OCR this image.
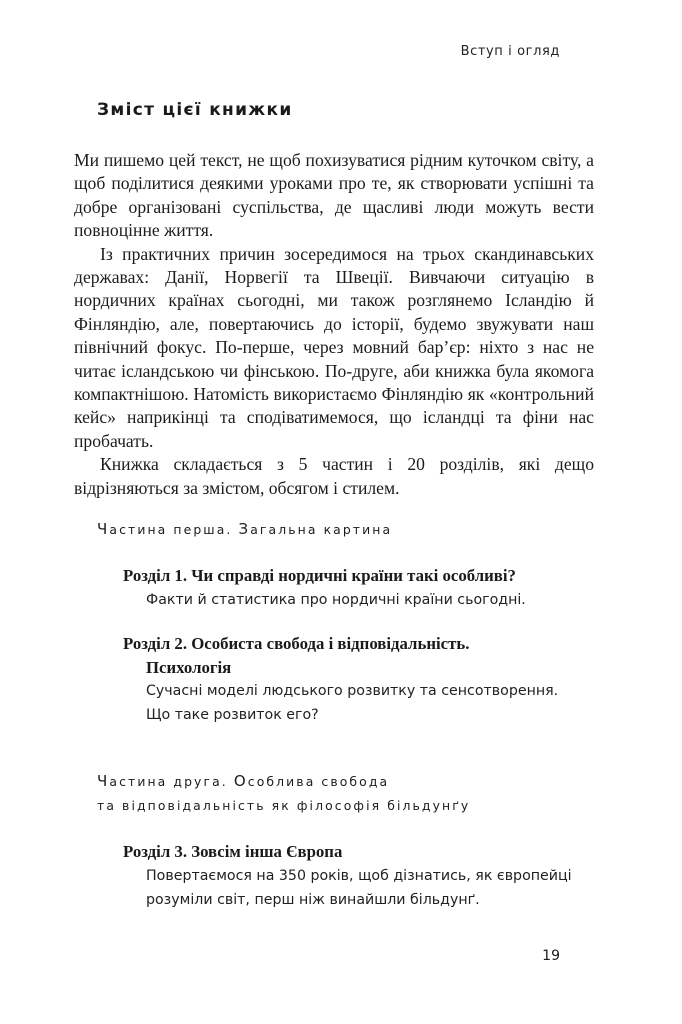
Вступ і огляд
Зміст цієї книжки

Ми пишемо цей текст, не щоб похизуватися рідним куточком світу, а щоб поділитися деякими уроками про те, як створювати успішні та добре організовані суспільства, де щасливі люди можуть вести повноцінне життя.

Із практичних причин зосередимося на трьох скандинавських державах: Данії, Норвегії та Швеції. Вивчаючи ситуацію в нордичних країнах сьогодні, ми також розглянемо Ісландію й Фінляндію, але, повертаючись до історії, будемо звужувати наш північний фокус. По-перше, через мовний бар’єр: ніхто з нас не читає ісландською чи фінською. По-друге, аби книжка була якомога компактнішою. Натомість використаємо Фінляндію як «контрольний кейс» наприкінці та сподіватимемося, що ісландці та фіни нас пробачать.

Книжка складається з 5 частин і 20 розділів, які дещо відрізняються за змістом, обсягом і стилем.

Частина перша. Загальна картина

Розділ 1. Чи справді нордичні країни такі особливі?

Факти й статистика про нордичні країни сьогодні.

Розділ 2. Особиста свобода і відповідальність.
Психологія

Сучасні моделі людського розвитку та сенсотворення.

Що таке розвиток его?

Частина друга. Особлива свобода
та відповідальність як філософія більдунґу

Розділ 3. Зовсім інша Європа

Повертаємося на 350 років, щоб дізнатись, як європейці

розуміли світ, перш ніж винайшли більдунґ.

19
